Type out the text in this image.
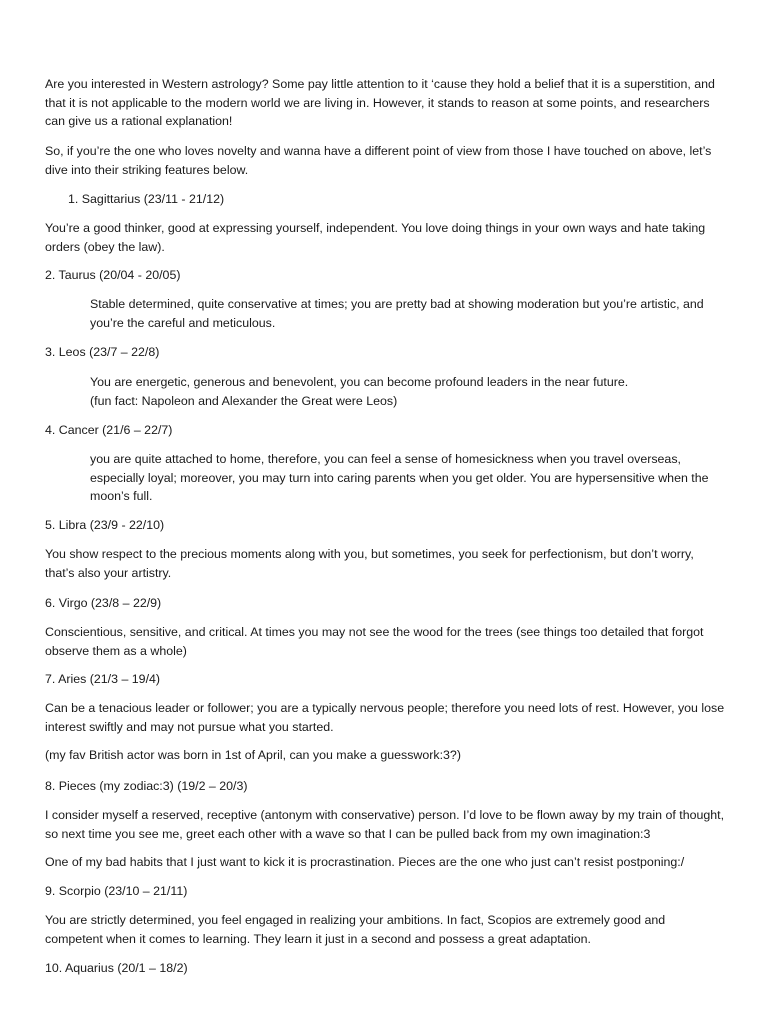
Are you interested in Western astrology? Some pay little attention to it ‘cause they hold a belief that it is a superstition, and that it is not applicable to the modern world we are living in. However, it stands to reason at some points, and researchers can give us a rational explanation!

So, if you’re the one who loves novelty and wanna have a different point of view from those I have touched on above, let’s dive into their striking features below.

1. Sagittarius (23/11 - 21/12)

You’re a good thinker, good at expressing yourself, independent. You love doing things in your own ways and hate taking orders (obey the law).

2. Taurus (20/04 - 20/05)

Stable determined, quite conservative at times; you are pretty bad at showing moderation but you’re artistic, and you’re the careful and meticulous.

3. Leos (23/7 – 22/8)

You are energetic, generous and benevolent, you can become profound leaders in the near future.

(fun fact: Napoleon and Alexander the Great were Leos)

4. Cancer (21/6 – 22/7)

you are quite attached to home, therefore, you can feel a sense of homesickness when you travel overseas, especially loyal; moreover, you may turn into caring parents when you get older. You are hypersensitive when the moon’s full.

5. Libra (23/9 - 22/10)

You show respect to the precious moments along with you, but sometimes, you seek for perfectionism, but don’t worry, that’s also your artistry.

6. Virgo (23/8 – 22/9)

Conscientious, sensitive, and critical. At times you may not see the wood for the trees (see things too detailed that forgot observe them as a whole)

7. Aries (21/3 – 19/4)

Can be a tenacious leader or follower; you are a typically nervous people; therefore you need lots of rest. However, you lose interest swiftly and may not pursue what you started.

(my fav British actor was born in 1st of April, can you make a guesswork:3?)

8. Pieces (my zodiac:3) (19/2 – 20/3)

I consider myself a reserved, receptive (antonym with conservative) person. I’d love to be flown away by my train of thought, so next time you see me, greet each other with a wave so that I can be pulled back from my own imagination:3

One of my bad habits that I just want to kick it is procrastination. Pieces are the one who just can’t resist postponing:/

9. Scorpio (23/10 – 21/11)

You are strictly determined, you feel engaged in realizing your ambitions. In fact, Scopios are extremely good and competent when it comes to learning. They learn it just in a second and possess a great adaptation.

10. Aquarius (20/1 – 18/2)
